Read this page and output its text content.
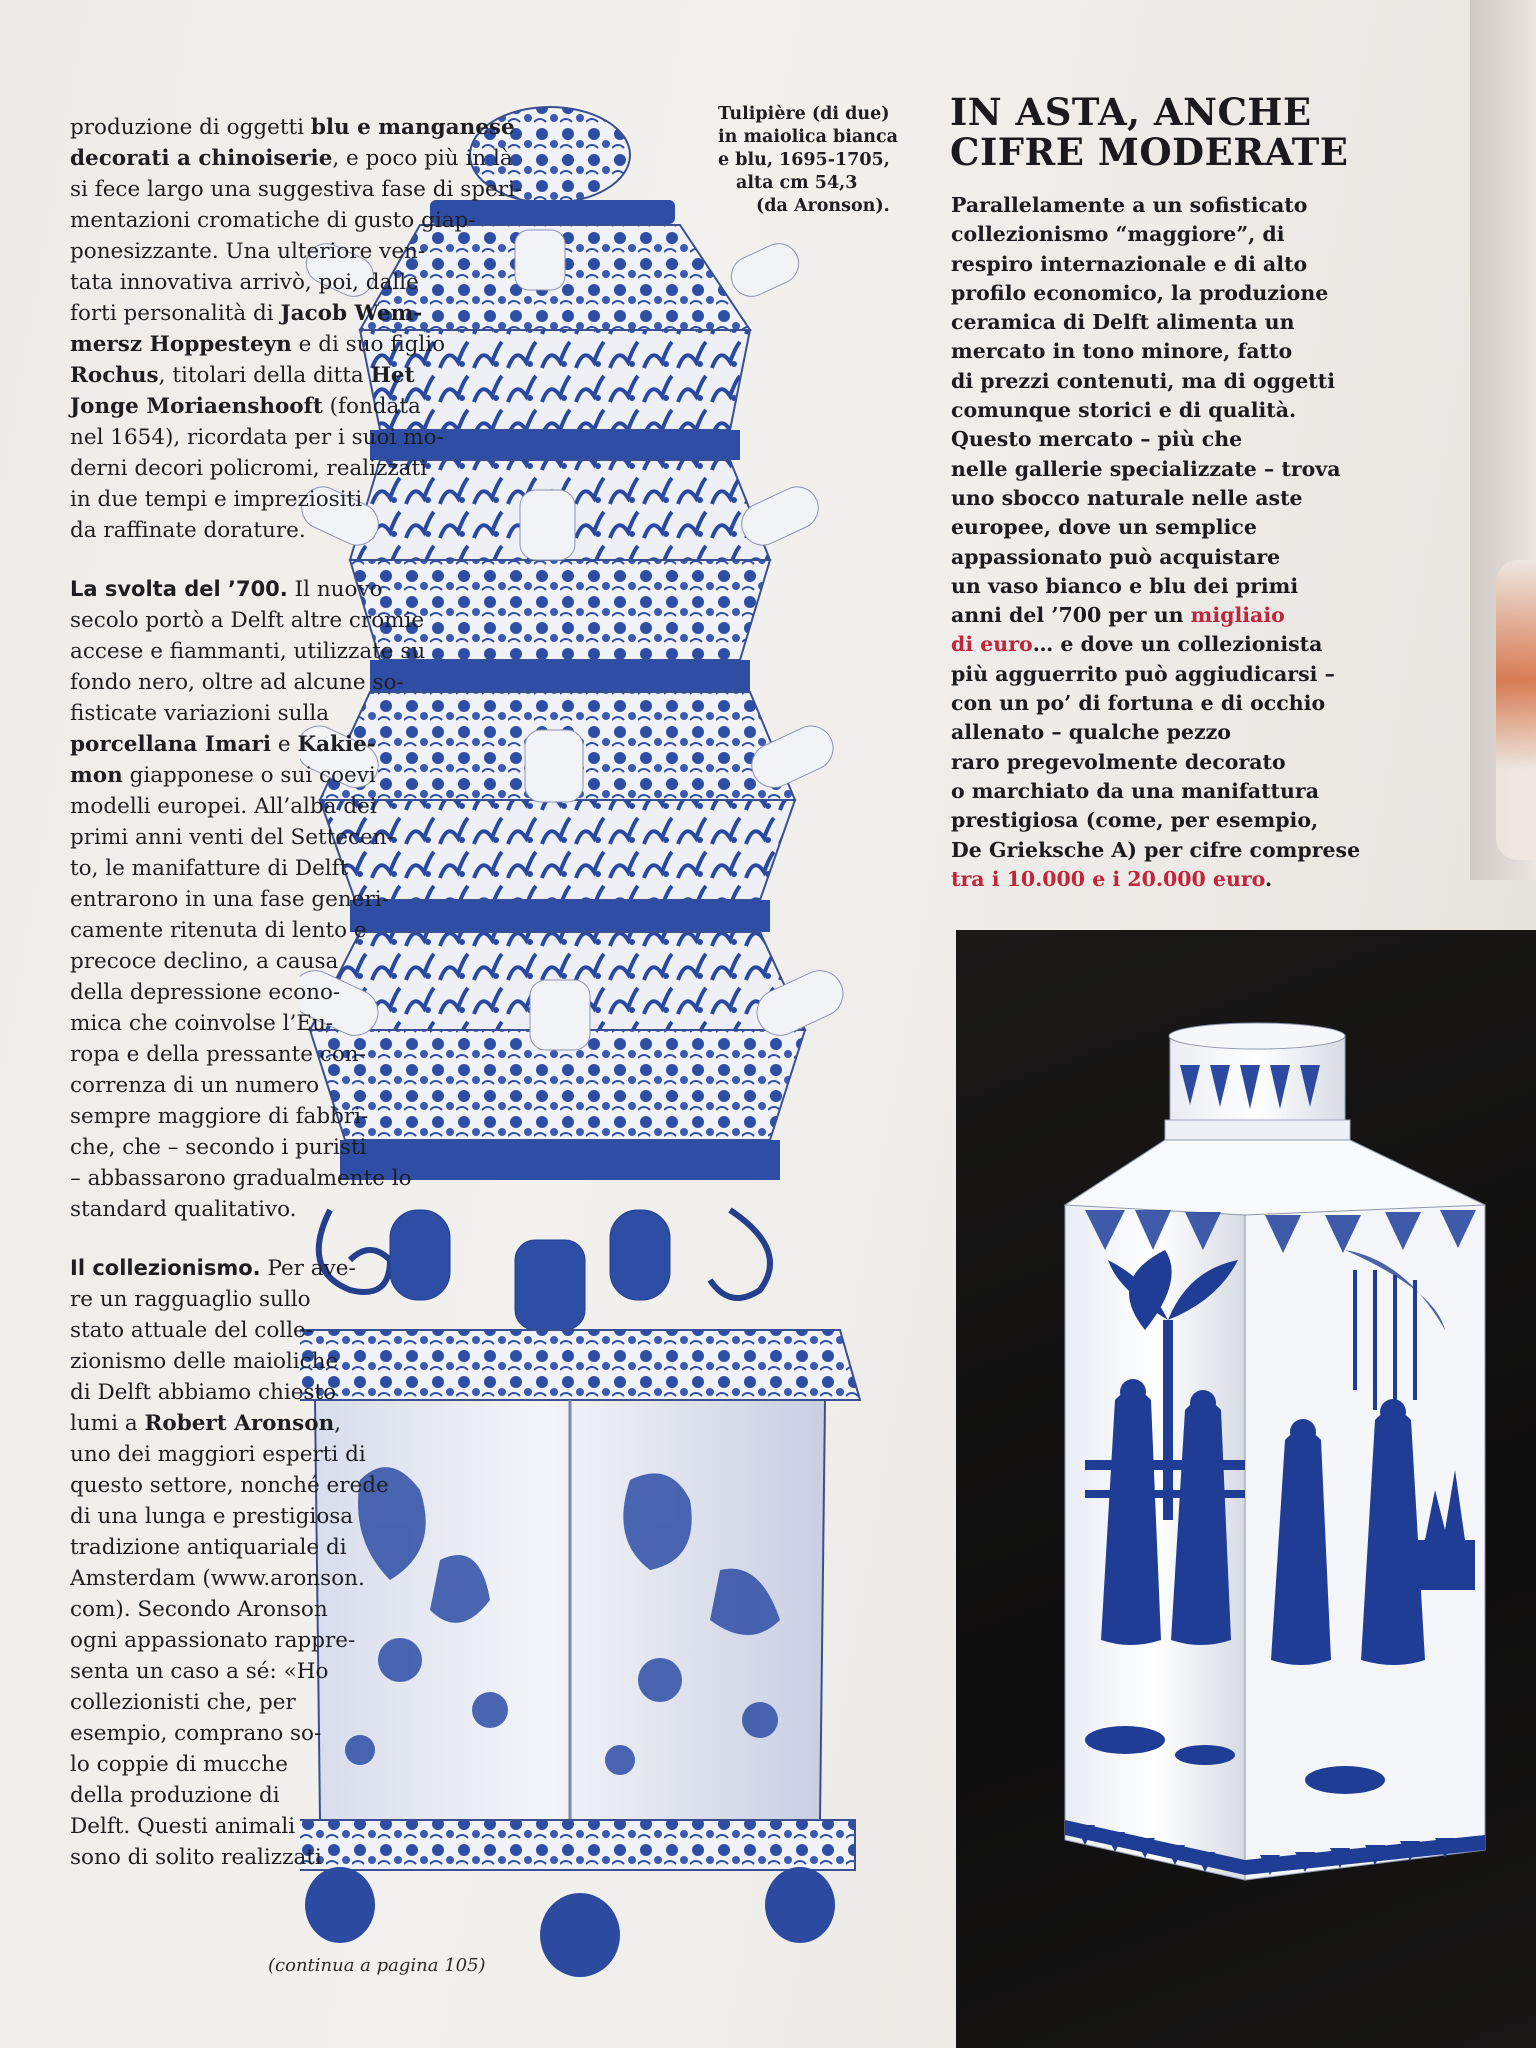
Tulipière (di due)
in maiolica bianca
e blu, 1695-1705,
alta cm 54,3
(da Aronson).
IN ASTA, ANCHE
CIFRE MODERATE
Parallelamente a un sofisticato
collezionismo “maggiore”, di
respiro internazionale e di alto
profilo economico, la produzione
ceramica di Delft alimenta un
mercato in tono minore, fatto
di prezzi contenuti, ma di oggetti
comunque storici e di qualità.
Questo mercato – più che
nelle gallerie specializzate – trova
uno sbocco naturale nelle aste
europee, dove un semplice
appassionato può acquistare
un vaso bianco e blu dei primi
anni del ’700 per un migliaio
di euro… e dove un collezionista
più agguerrito può aggiudicarsi –
con un po’ di fortuna e di occhio
allenato – qualche pezzo
raro pregevolmente decorato
o marchiato da una manifattura
prestigiosa (come, per esempio,
De Grieksche A) per cifre comprese
tra i 10.000 e i 20.000 euro.
produzione di oggetti blu e manganese
decorati a chinoiserie, e poco più in là
si fece largo una suggestiva fase di speri-
mentazioni cromatiche di gusto giap-
ponesizzante. Una ulteriore ven-
tata innovativa arrivò, poi, dalle
forti personalità di Jacob Wem-
mersz Hoppesteyn e di suo figlio
Rochus, titolari della ditta Het
Jonge Moriaenshooft (fondata
nel 1654), ricordata per i suoi mo-
derni decori policromi, realizzati
in due tempi e impreziositi
da raffinate dorature.
La svolta del ’700. Il nuovo
secolo portò a Delft altre cromie
accese e fiammanti, utilizzate su
fondo nero, oltre ad alcune so-
fisticate variazioni sulla
porcellana Imari e Kakie-
mon giapponese o sui coevi
modelli europei. All’alba dei
primi anni venti del Settecen-
to, le manifatture di Delft
entrarono in una fase generi-
camente ritenuta di lento e
precoce declino, a causa
della depressione econo-
mica che coinvolse l’Eu-
ropa e della pressante con-
correnza di un numero
sempre maggiore di fabbri-
che, che – secondo i puristi
– abbassarono gradualmente lo
standard qualitativo.
Il collezionismo. Per ave-
re un ragguaglio sullo
stato attuale del colle-
zionismo delle maioliche
di Delft abbiamo chiesto
lumi a Robert Aronson,
uno dei maggiori esperti di
questo settore, nonché erede
di una lunga e prestigiosa
tradizione antiquariale di
Amsterdam (www.aronson.
com). Secondo Aronson
ogni appassionato rappre-
senta un caso a sé: «Ho
collezionisti che, per
esempio, comprano so-
lo coppie di mucche
della produzione di
Delft. Questi animali
sono di solito realizzati
(continua a pagina 105)
